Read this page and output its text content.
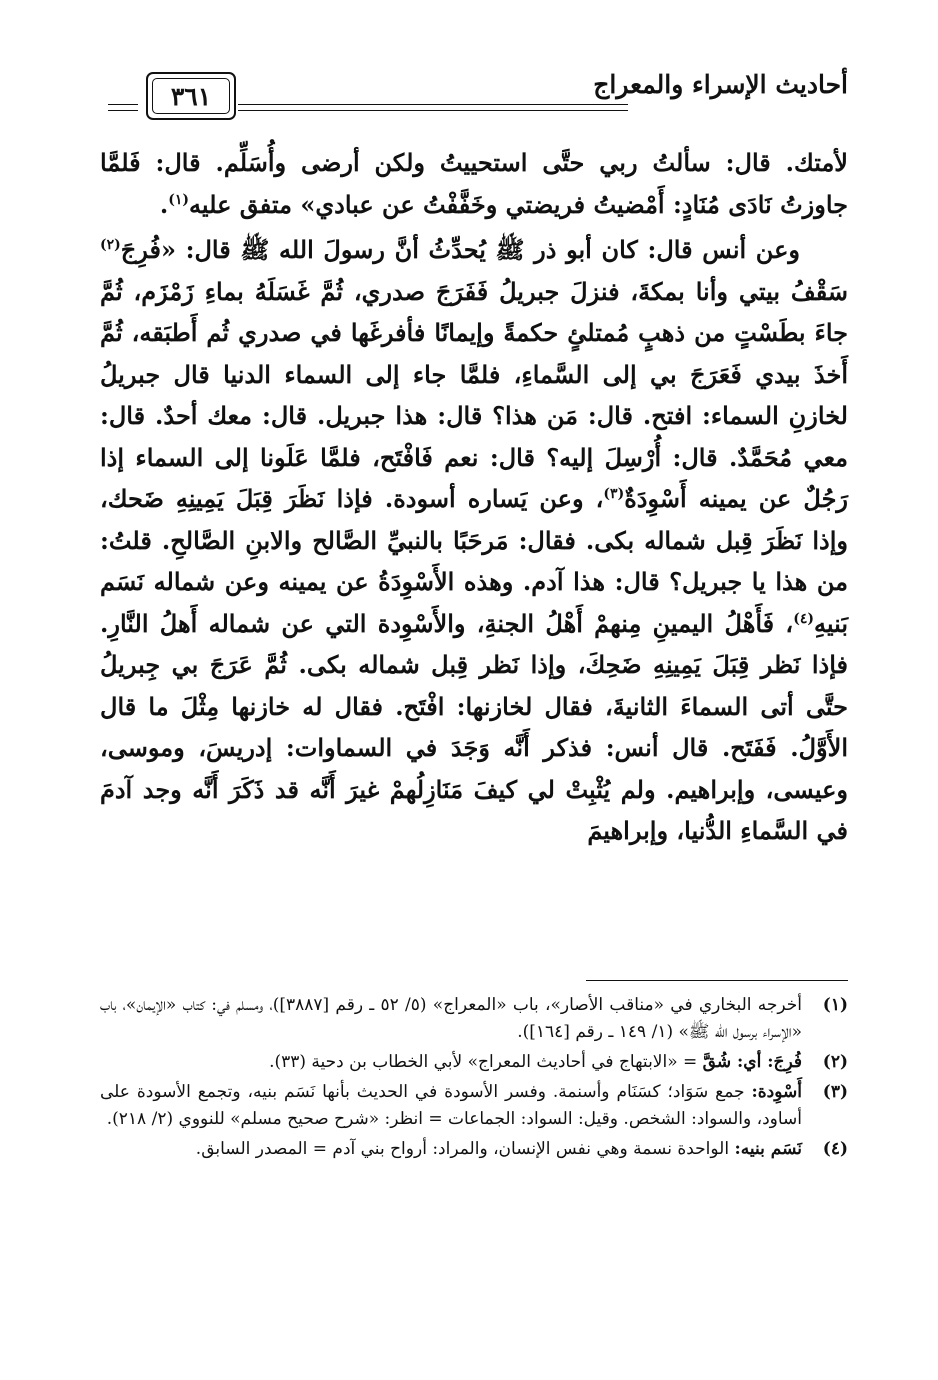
أحاديث الإسراء والمعراج
٣٦١

لأمتك. قال: سألتُ ربي حتَّى استحييتُ ولكن أرضى وأُسَلِّم. قال: فَلمَّا جاوزتُ نَادَى مُنَادٍ: أَمْضيتُ فريضتي وخَفَّفْتُ عن عبادي» متفق عليه$^{(١)}$.

وعن أنس قال: كان أبو ذر ﷺ يُحدِّثُ أنَّ رسولَ الله ﷺ قال: «فُرِجَ$^{(٢)}$ سَقْفُ بيتي وأنا بمكةَ، فنزلَ جبريلُ فَفَرَجَ صدري، ثُمَّ غَسَلَهُ بماءِ زَمْزَم، ثُمَّ جاءَ بطَسْتٍ من ذهبٍ مُمتلئٍ حكمةً وإيمانًا فأفرغَها في صدري ثُم أَطبَقه، ثُمَّ أَخذَ بيدي فَعَرَجَ بي إلى السَّماءِ، فلمَّا جاء إلى السماء الدنيا قال جبريلُ لخازنِ السماء: افتح. قال: مَن هذا؟ قال: هذا جبريل. قال: معك أحدٌ. قال: معي مُحَمَّدٌ. قال: أُرْسِلَ إليه؟ قال: نعم فَافْتَح، فلمَّا عَلَونا إلى السماء إذا رَجُلٌ عن يمينه أَسْوِدَةٌ$^{(٣)}$، وعن يَساره أسودة. فإذا نَظَرَ قِبَلَ يَمِينِهِ ضَحك، وإذا نَظَرَ قِبل شماله بكى. فقال: مَرحَبًا بالنبيِّ الصَّالح والابنِ الصَّالحِ. قلتُ: من هذا يا جبريل؟ قال: هذا آدم. وهذه الأَسْوِدَةُ عن يمينه وعن شماله نَسَم بَنيهِ$^{(٤)}$، فَأَهْلُ اليمينِ مِنهمْ أَهْلُ الجنةِ، والأَسْوِدة التي عن شماله أَهلُ النَّارِ. فإذا نَظر قِبَلَ يَمِينِهِ ضَحِكَ، وإذا نَظر قِبل شماله بكى. ثُمَّ عَرَجَ بي جِبريلُ حتَّى أتى السماءَ الثانيةَ، فقال لخازنها: افْتَح. فقال له خازنها مِثْلَ ما قال الأَوَّلُ. فَفَتَح. قال أنس: فذكر أَنَّه وَجَدَ في السماوات: إدريسَ، وموسى، وعيسى، وإبراهيم. ولم يُثْبِتْ لي كيفَ مَنَازِلُهمْ غيرَ أَنَّه قد ذَكَرَ أَنَّه وجد آدمَ في السَّماءِ الدُّنيا، وإبراهيمَ

(١)
أخرجه البخاري في «مناقب الأصار»، باب «المعراج» (٥/ ٥٢ ـ رقم [٣٨٨٧])، ومسلم في: كتاب «الإيمان»، باب «الإسراء برسول الله ﷺ» (١/ ١٤٩ ـ رقم [١٦٤]).
(٢)
فُرِجَ: أي: شُقَّ = «الابتهاج في أحاديث المعراج» لأبي الخطاب بن دحية (٣٣).
(٣)
أَسْوِدة: جمع سَوَاد؛ كسَنَام وأسنمة. وفسر الأسودة في الحديث بأنها نَسَم بنيه، وتجمع الأسودة على أساود، والسواد: الشخص. وقيل: السواد: الجماعات = انظر: «شرح صحيح مسلم» للنووي (٢/ ٢١٨).
(٤)
نَسَم بنيه: الواحدة نسمة وهي نفس الإنسان، والمراد: أرواح بني آدم = المصدر السابق.
